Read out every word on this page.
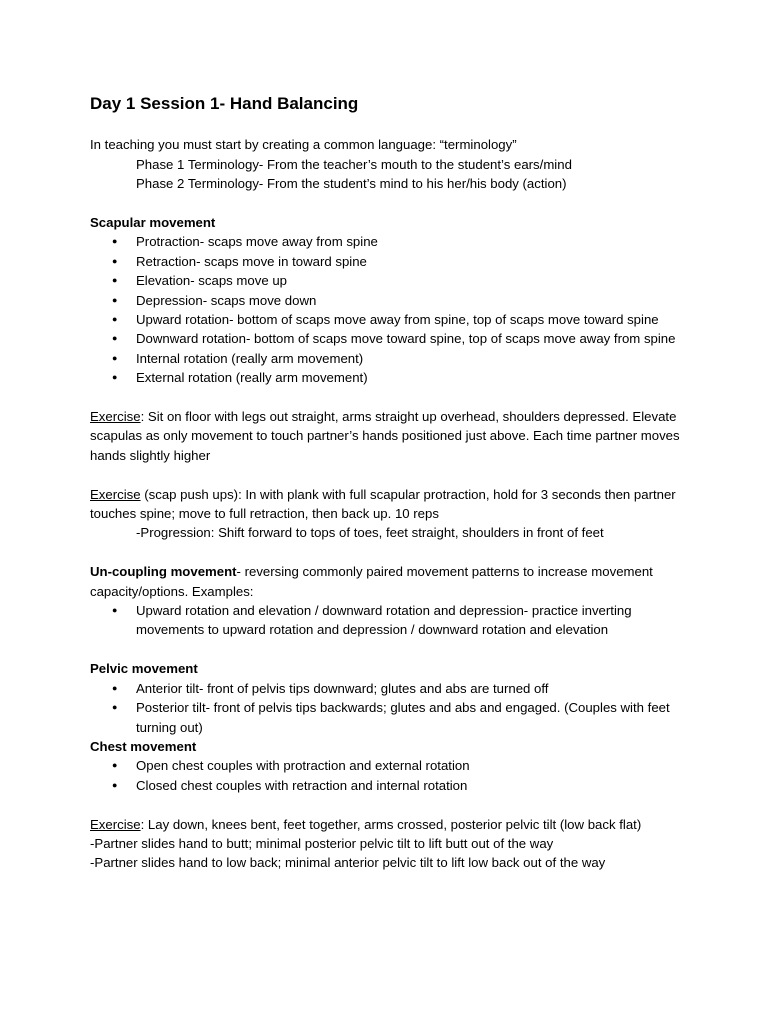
Day 1 Session 1- Hand Balancing

In teaching you must start by creating a common language: “terminology”

Phase 1 Terminology- From the teacher’s mouth to the student’s ears/mind

Phase 2 Terminology- From the student’s mind to his her/his body (action)

Scapular movement

● Protraction- scaps move away from spine
● Retraction- scaps move in toward spine
● Elevation- scaps move up
● Depression- scaps move down
● Upward rotation- bottom of scaps move away from spine, top of scaps move toward spine
● Downward rotation- bottom of scaps move toward spine, top of scaps move away from spine
● Internal rotation (really arm movement)
● External rotation (really arm movement)

Exercise: Sit on floor with legs out straight, arms straight up overhead, shoulders depressed. Elevate scapulas as only movement to touch partner’s hands positioned just above. Each time partner moves hands slightly higher

Exercise (scap push ups): In with plank with full scapular protraction, hold for 3 seconds then partner touches spine; move to full retraction, then back up. 10 reps

-Progression: Shift forward to tops of toes, feet straight, shoulders in front of feet

Un-coupling movement- reversing commonly paired movement patterns to increase movement capacity/options. Examples:

● Upward rotation and elevation / downward rotation and depression- practice inverting movements to upward rotation and depression / downward rotation and elevation

Pelvic movement

● Anterior tilt- front of pelvis tips downward; glutes and abs are turned off
● Posterior tilt- front of pelvis tips backwards; glutes and abs and engaged. (Couples with feet turning out)

Chest movement

● Open chest couples with protraction and external rotation
● Closed chest couples with retraction and internal rotation

Exercise: Lay down, knees bent, feet together, arms crossed, posterior pelvic tilt (low back flat)

-Partner slides hand to butt; minimal posterior pelvic tilt to lift butt out of the way

-Partner slides hand to low back; minimal anterior pelvic tilt to lift low back out of the way
